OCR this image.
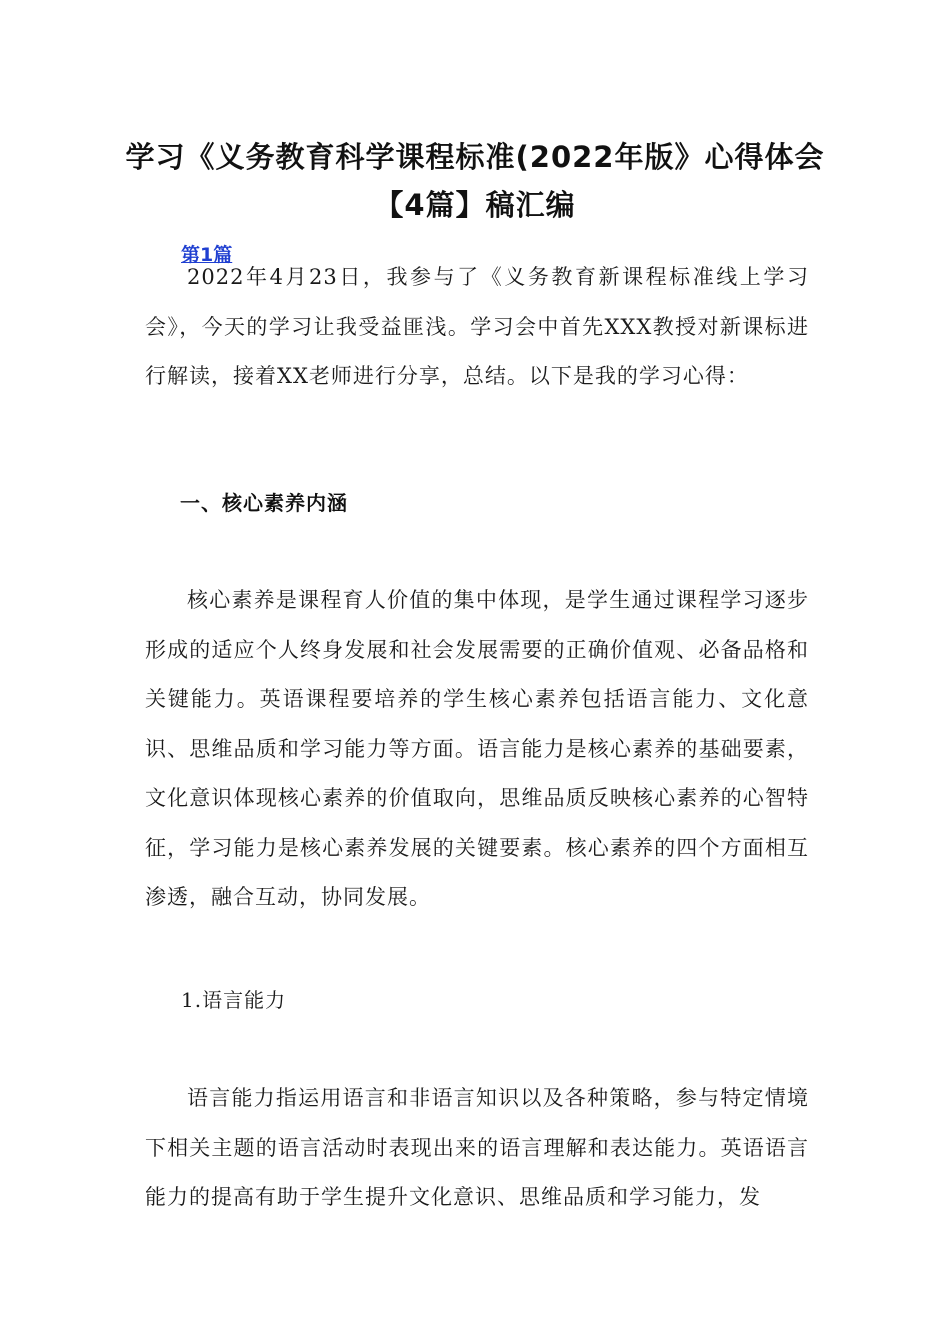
学习《义务教育科学课程标准(2022年版》心得体会
【4篇】稿汇编
第1篇
2022年4月23日，我参与了《义务教育新课程标准线上学习会》，今天的学习让我受益匪浅。学习会中首先XXX教授对新课标进行解读，接着XX老师进行分享，总结。以下是我的学习心得：
一、核心素养内涵
核心素养是课程育人价值的集中体现，是学生通过课程学习逐步形成的适应个人终身发展和社会发展需要的正确价值观、必备品格和关键能力。英语课程要培养的学生核心素养包括语言能力、文化意识、思维品质和学习能力等方面。语言能力是核心素养的基础要素，文化意识体现核心素养的价值取向，思维品质反映核心素养的心智特征，学习能力是核心素养发展的关键要素。核心素养的四个方面相互渗透，融合互动，协同发展。
1.语言能力
语言能力指运用语言和非语言知识以及各种策略，参与特定情境下相关主题的语言活动时表现出来的语言理解和表达能力。英语语言能力的提高有助于学生提升文化意识、思维品质和学习能力，发
